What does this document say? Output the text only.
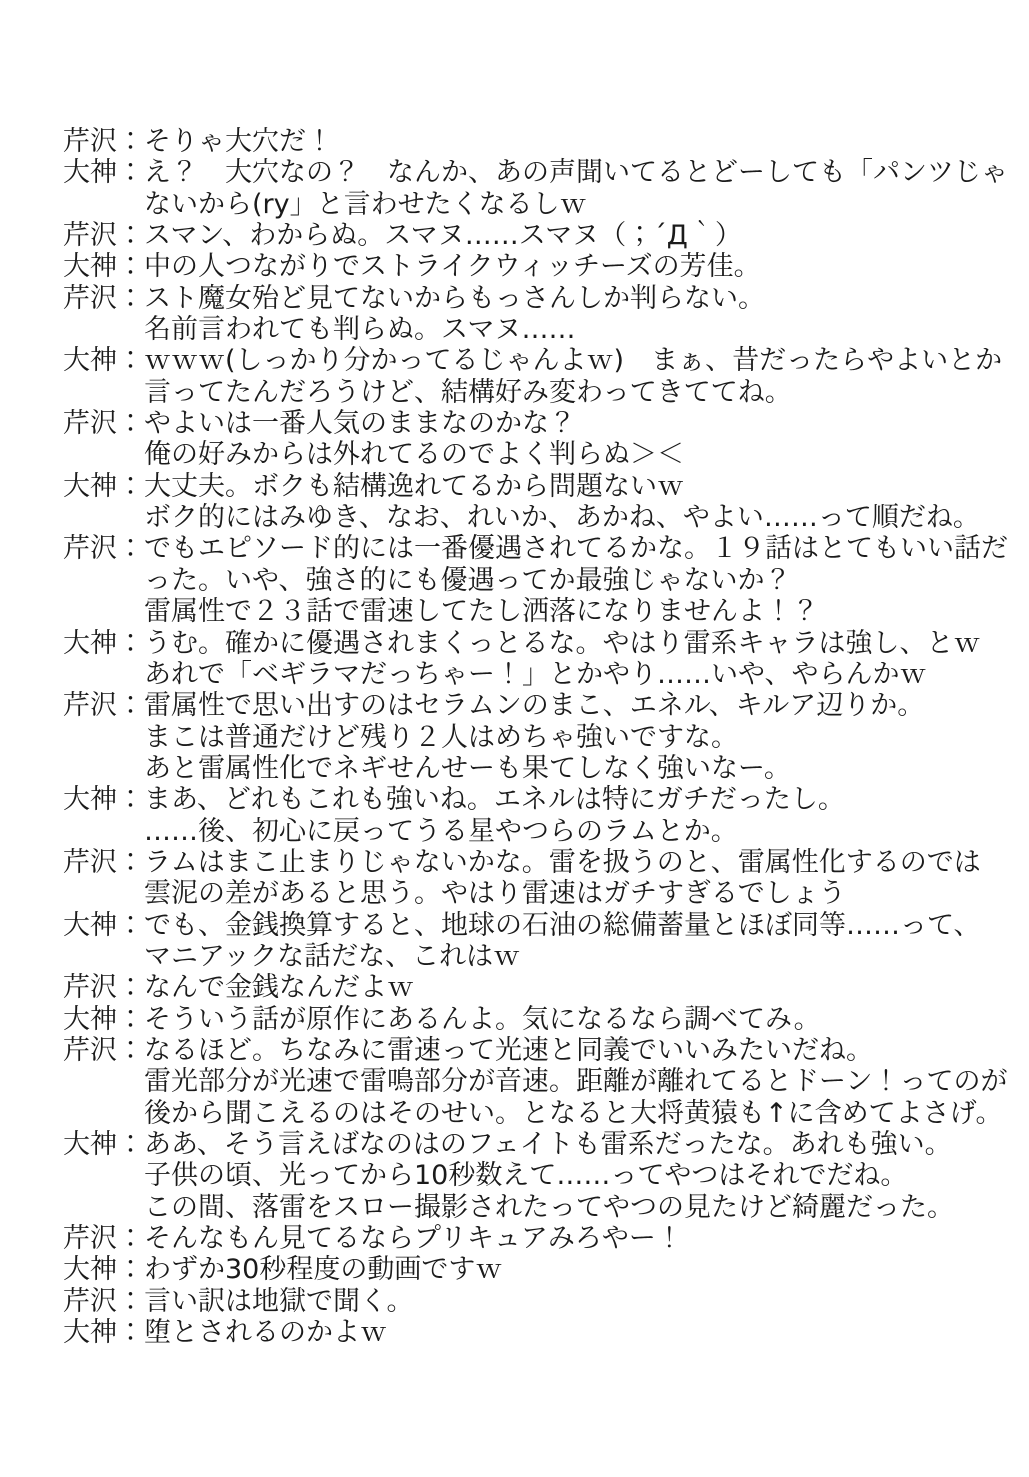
芹沢：そりゃ大穴だ！
大神：え？　大穴なの？　なんか、あの声聞いてるとどーしても「パンツじゃ
ないから(ry」と言わせたくなるしｗ
芹沢：スマン、わからぬ。スマヌ……スマヌ（；´Д｀）
大神：中の人つながりでストライクウィッチーズの芳佳。
芹沢：スト魔女殆ど見てないからもっさんしか判らない。
名前言われても判らぬ。スマヌ……
大神：ｗｗｗ(しっかり分かってるじゃんよｗ)　まぁ、昔だったらやよいとか
言ってたんだろうけど、結構好み変わってきててね。
芹沢：やよいは一番人気のままなのかな？
俺の好みからは外れてるのでよく判らぬ＞＜
大神：大丈夫。ボクも結構逸れてるから問題ないｗ
ボク的にはみゆき、なお、れいか、あかね、やよい……って順だね。
芹沢：でもエピソード的には一番優遇されてるかな。１９話はとてもいい話だ
った。いや、強さ的にも優遇ってか最強じゃないか？
雷属性で２３話で雷速してたし洒落になりませんよ！？
大神：うむ。確かに優遇されまくっとるな。やはり雷系キャラは強し、とｗ
あれで「ベギラマだっちゃー！」とかやり……いや、やらんかｗ
芹沢：雷属性で思い出すのはセラムンのまこ、エネル、キルア辺りか。
まこは普通だけど残り２人はめちゃ強いですな。
あと雷属性化でネギせんせーも果てしなく強いなー。
大神：まあ、どれもこれも強いね。エネルは特にガチだったし。
……後、初心に戻ってうる星やつらのラムとか。
芹沢：ラムはまこ止まりじゃないかな。雷を扱うのと、雷属性化するのでは
雲泥の差があると思う。やはり雷速はガチすぎるでしょう
大神：でも、金銭換算すると、地球の石油の総備蓄量とほぼ同等……って、
マニアックな話だな、これはｗ
芹沢：なんで金銭なんだよｗ
大神：そういう話が原作にあるんよ。気になるなら調べてみ。
芹沢：なるほど。ちなみに雷速って光速と同義でいいみたいだね。
雷光部分が光速で雷鳴部分が音速。距離が離れてるとドーン！ってのが
後から聞こえるのはそのせい。となると大将黄猿も↑に含めてよさげ。
大神：ああ、そう言えばなのはのフェイトも雷系だったな。あれも強い。
子供の頃、光ってから10秒数えて……ってやつはそれでだね。
この間、落雷をスロー撮影されたってやつの見たけど綺麗だった。
芹沢：そんなもん見てるならプリキュアみろやー！
大神：わずか30秒程度の動画ですｗ
芹沢：言い訳は地獄で聞く。
大神：堕とされるのかよｗ
